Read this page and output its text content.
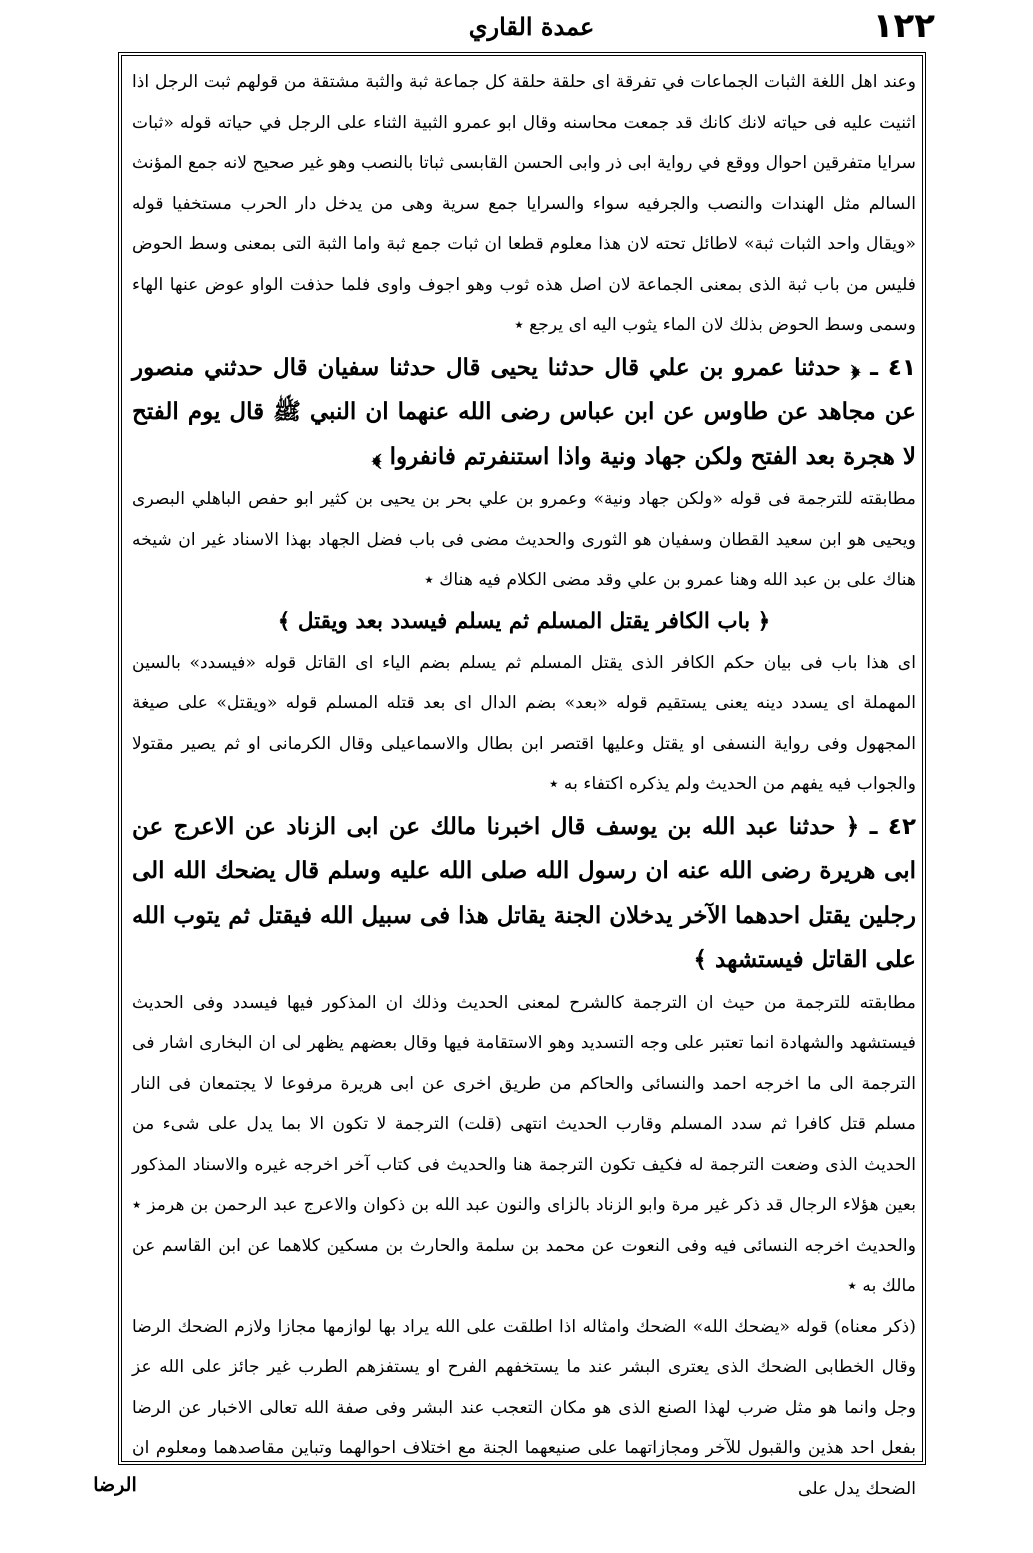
١٢٢
عمدة القاري

وعند اهل اللغة الثبات الجماعات في تفرقة اى حلقة حلقة كل جماعة ثبة والثبة مشتقة من قولهم ثبت الرجل اذا اثنيت عليه فى حياته لانك كانك قد جمعت محاسنه وقال ابو عمرو الثبية الثناء على الرجل في حياته قوله «ثبات سرايا متفرقين احوال ووقع في رواية ابى ذر وابى الحسن القابسى ثباتا بالنصب وهو غير صحيح لانه جمع المؤنث السالم مثل الهندات والنصب والجرفيه سواء والسرايا جمع سرية وهى من يدخل دار الحرب مستخفيا قوله «ويقال واحد الثبات ثبة» لاطائل تحته لان هذا معلوم قطعا ان ثبات جمع ثبة واما الثبة التى بمعنى وسط الحوض فليس من باب ثبة الذى بمعنى الجماعة لان اصل هذه ثوب وهو اجوف واوى فلما حذفت الواو عوض عنها الهاء وسمى وسط الحوض بذلك لان الماء يثوب اليه اى يرجع ٭

٤١ ـ ﴿ حدثنا عمرو بن علي قال حدثنا يحيى قال حدثنا سفيان قال حدثني منصور عن مجاهد عن طاوس عن ابن عباس رضى الله عنهما ان النبي ﷺ قال يوم الفتح لا هجرة بعد الفتح ولكن جهاد ونية واذا استنفرتم فانفروا ﴾

مطابقته للترجمة فى قوله «ولكن جهاد ونية» وعمرو بن علي بحر بن يحيى بن كثير ابو حفص الباهلي البصرى ويحيى هو ابن سعيد القطان وسفيان هو الثورى والحديث مضى فى باب فضل الجهاد بهذا الاسناد غير ان شيخه هناك على بن عبد الله وهنا عمرو بن علي وقد مضى الكلام فيه هناك ٭

﴿ باب الكافر يقتل المسلم ثم يسلم فيسدد بعد ويقتل ﴾

اى هذا باب فى بيان حكم الكافر الذى يقتل المسلم ثم يسلم بضم الياء اى القاتل قوله «فيسدد» بالسين المهملة اى يسدد دينه يعنى يستقيم قوله «بعد» بضم الدال اى بعد قتله المسلم قوله «ويقتل» على صيغة المجهول وفى رواية النسفى او يقتل وعليها اقتصر ابن بطال والاسماعيلى وقال الكرمانى او ثم يصير مقتولا والجواب فيه يفهم من الحديث ولم يذكره اكتفاء به ٭

٤٢ ـ ﴿ حدثنا عبد الله بن يوسف قال اخبرنا مالك عن ابى الزناد عن الاعرج عن ابى هريرة رضى الله عنه ان رسول الله صلى الله عليه وسلم قال يضحك الله الى رجلين يقتل احدهما الآخر يدخلان الجنة يقاتل هذا فى سبيل الله فيقتل ثم يتوب الله على القاتل فيستشهد ﴾

مطابقته للترجمة من حيث ان الترجمة كالشرح لمعنى الحديث وذلك ان المذكور فيها فيسدد وفى الحديث فيستشهد والشهادة انما تعتبر على وجه التسديد وهو الاستقامة فيها وقال بعضهم يظهر لى ان البخارى اشار فى الترجمة الى ما اخرجه احمد والنسائى والحاكم من طريق اخرى عن ابى هريرة مرفوعا لا يجتمعان فى النار مسلم قتل كافرا ثم سدد المسلم وقارب الحديث انتهى (قلت) الترجمة لا تكون الا بما يدل على شىء من الحديث الذى وضعت الترجمة له فكيف تكون الترجمة هنا والحديث فى كتاب آخر اخرجه غيره والاسناد المذكور بعين هؤلاء الرجال قد ذكر غير مرة وابو الزناد بالزاى والنون عبد الله بن ذكوان والاعرج عبد الرحمن بن هرمز ٭ والحديث اخرجه النسائى فيه وفى النعوت عن محمد بن سلمة والحارث بن مسكين كلاهما عن ابن القاسم عن مالك به ٭

(ذكر معناه) قوله «يضحك الله» الضحك وامثاله اذا اطلقت على الله يراد بها لوازمها مجازا ولازم الضحك الرضا وقال الخطابى الضحك الذى يعترى البشر عند ما يستخفهم الفرح او يستفزهم الطرب غير جائز على الله عز وجل وانما هو مثل ضرب لهذا الصنع الذى هو مكان التعجب عند البشر وفى صفة الله تعالى الاخبار عن الرضا بفعل احد هذين والقبول للآخر ومجازاتهما على صنيعهما الجنة مع اختلاف احوالهما وتباين مقاصدهما ومعلوم ان الضحك يدل على

الرضا
